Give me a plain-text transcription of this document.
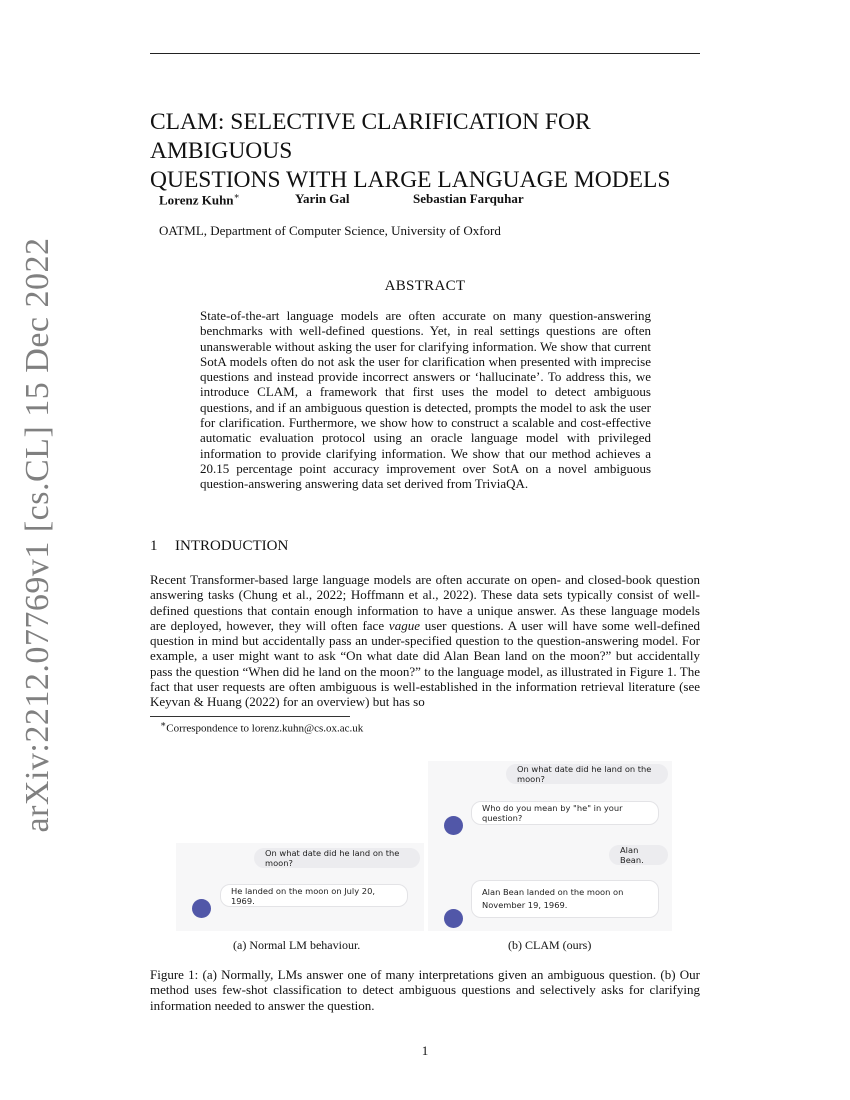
arXiv:2212.07769v1 [cs.CL] 15 Dec 2022
CLAM: SELECTIVE CLARIFICATION FOR AMBIGUOUS
QUESTIONS WITH LARGE LANGUAGE MODELS
Lorenz Kuhn∗	Yarin Gal	Sebastian Farquhar
OATML, Department of Computer Science, University of Oxford
ABSTRACT
State-of-the-art language models are often accurate on many question-answering benchmarks with well-defined questions. Yet, in real settings questions are often unanswerable without asking the user for clarifying information. We show that current SotA models often do not ask the user for clarification when presented with imprecise questions and instead provide incorrect answers or ‘hallucinate’. To address this, we introduce CLAM, a framework that first uses the model to detect ambiguous questions, and if an ambiguous question is detected, prompts the model to ask the user for clarification. Furthermore, we show how to construct a scalable and cost-effective automatic evaluation protocol using an oracle language model with privileged information to provide clarifying information. We show that our method achieves a 20.15 percentage point accuracy improvement over SotA on a novel ambiguous question-answering answering data set derived from TriviaQA.
1 INTRODUCTION
Recent Transformer-based large language models are often accurate on open- and closed-book question answering tasks (Chung et al., 2022; Hoffmann et al., 2022). These data sets typically consist of well-defined questions that contain enough information to have a unique answer. As these language models are deployed, however, they will often face vague user questions. A user will have some well-defined question in mind but accidentally pass an under-specified question to the question-answering model. For example, a user might want to ask “On what date did Alan Bean land on the moon?” but accidentally pass the question “When did he land on the moon?” to the language model, as illustrated in Figure 1. The fact that user requests are often ambiguous is well-established in the information retrieval literature (see Keyvan & Huang (2022) for an overview) but has so
∗Correspondence to lorenz.kuhn@cs.ox.ac.uk
On what date did he land on the moon?
He landed on the moon on July 20, 1969.
On what date did he land on the moon?
Who do you mean by "he" in your question?
Alan Bean.
Alan Bean landed on the moon on November 19, 1969.
(a) Normal LM behaviour.	(b) CLAM (ours)
Figure 1: (a) Normally, LMs answer one of many interpretations given an ambiguous question. (b) Our method uses few-shot classification to detect ambiguous questions and selectively asks for clarifying information needed to answer the question.
1
